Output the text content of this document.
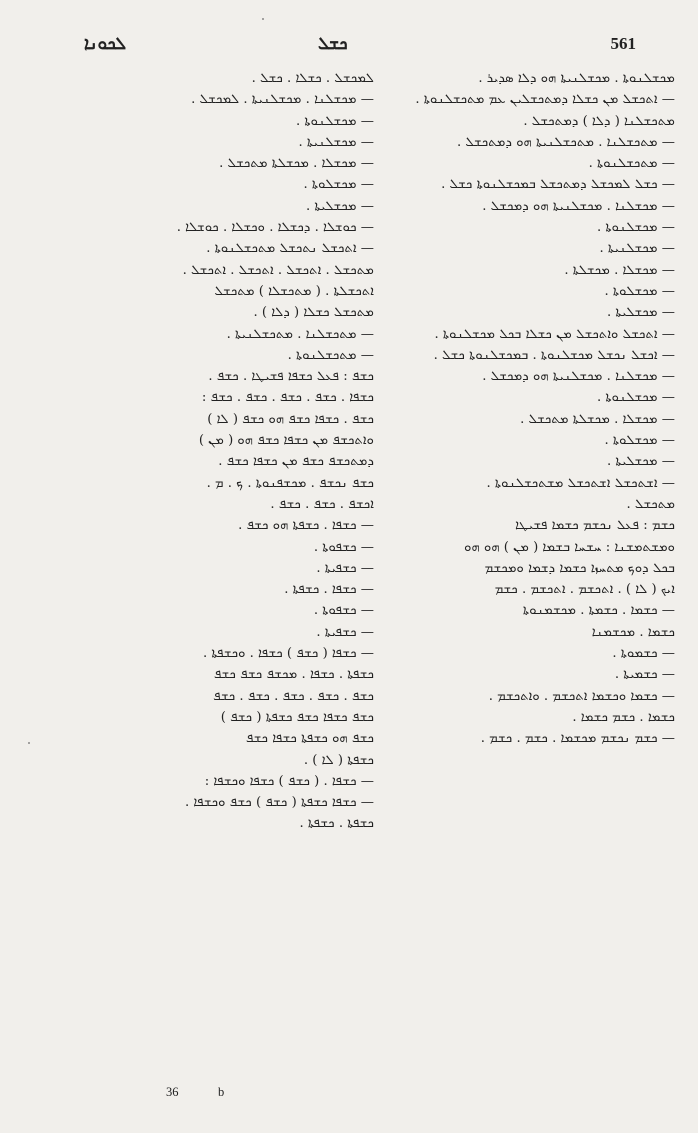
ܠܟܘܢܐ	ܟܫܠ	561

ܡܟܫܠܢܘܬܐ . ܡܟܫܠܢܝܬܐ ܗܘ ܕܠܐ ܣܕܝܪ .

— ܐܬܟܫܠ ܡܢ ܟܫܠܐ ܕܡܬܟܫܠܝܢ ܥܡ ܡܬܟܫܠܢܘܬܐ .

ܡܬܟܫܠܢܐ ( ܕܠܐ ) ܕܡܬܟܫܠ .

— ܡܬܟܫܠܢܐ . ܡܬܟܫܠܢܝܬܐ ܗܘ ܕܡܬܟܫܠ .

— ܡܬܟܫܠܢܘܬܐ .

— ܟܫܠ ܠܡܟܫܠ ܕܡܬܟܫܠ ܒܡܟܫܠܢܘܬܐ ܟܫܠ .

— ܡܟܫܠܢܐ . ܡܟܫܠܢܝܬܐ ܗܘ ܕܡܟܫܠ .

— ܡܟܫܠܢܘܬܐ .

— ܡܟܫܠܢܝܬܐ .

— ܡܟܫܠܐ . ܡܟܫܠܬܐ .

— ܡܟܫܠܘܬܐ .

— ܡܟܫܠܝܬܐ .

— ܐܬܟܫܠ ܘܐܬܟܫܠ ܡܢ ܟܫܠܐ ܒܟܠ ܡܟܫܠܢܘܬܐ .

— ܐܟܫܠ ܢܟܫܠ ܡܟܫܠܢܘܬܐ . ܒܡܟܫܠܢܘܬܐ ܟܫܠ .

— ܡܟܫܠܢܐ . ܡܟܫܠܢܝܬܐ ܗܘ ܕܡܟܫܠ .

— ܡܟܫܠܢܘܬܐ .

— ܡܟܫܠܐ . ܡܟܫܠܬܐ ܡܬܟܫܠ .

— ܡܟܫܠܘܬܐ .

— ܡܟܫܠܝܬܐ .

— ܐܫܬܟܫܠ ܐܫܬܟܫܠ ܡܫܬܟܫܠܢܘܬܐ .

ܡܬܟܫܠ .

ܟܫܡ : ܦܥܠ ܢܟܫܡ ܟܫܡܐ ܦܫܝܛܐ

ܘܡܫܬܡܫܢܐ : ܚܫܚܐ ܒܫܡܐ ( ܡܢ ) ܗܘ ܗܘ

ܒܟܠ ܕܘܟ ܡܬܚܙܐ ܟܫܡܐ ܕܫܡܐ ܘܡܟܫܡ

ܐܝܟ ( ܠܐ ) . ܐܬܟܫܡ . ܐܬܟܫܡ . ܟܫܡ

— ܟܫܡܐ . ܟܫܡܬܐ . ܡܟܫܡܢܘܬܐ

ܟܫܡܐ . ܡܟܫܡܢܐ

— ܟܫܡܘܬܐ .

— ܟܫܡܝܬܐ .

— ܟܫܡܐ ܘܟܫܡܐ ܐܬܟܫܡ . ܘܐܬܟܫܡ .

ܟܫܡܐ . ܟܫܡ ܟܫܡܐ .

— ܟܫܡ ܢܟܫܡ ܡܟܫܡܐ . ܟܫܡ . ܟܫܡ .

ܠܡܟܫܠ . ܟܫܠܐ . ܟܫܠ .

— ܡܟܫܠܢܐ . ܡܟܫܠܢܝܬܐ . ܠܡܟܫܠ .

— ܡܟܫܠܢܘܬܐ .

— ܡܟܫܠܢܝܬܐ .

— ܡܟܫܠܐ . ܡܟܫܠܬܐ ܡܬܟܫܠ .

— ܡܟܫܠܘܬܐ .

— ܡܟܫܠܝܬܐ .

— ܟܘܫܠܐ . ܕܟܫܠܐ . ܘܟܫܠܐ . ܟܘܫܠܐ .

— ܐܬܟܫܠ ܢܬܟܫܠ ܡܬܟܫܠܢܘܬܐ .

ܡܬܟܫܠ . ܐܬܟܫܠ . ܐܬܟܫܠ . ܐܬܟܫܠ .

ܐܬܟܫܠܬܐ . ( ܡܬܟܫܠܐ ) ܡܬܟܫܠ

ܡܬܟܫܠ ܟܫܠܐ ( ܕܠܐ ) .

— ܡܬܟܫܠܢܐ . ܡܬܟܫܠܢܝܬܐ .

— ܡܬܟܫܠܢܘܬܐ .

ܟܫܦ : ܦܥܠ ܟܫܦܐ ܦܫܝܛܐ . ܟܫܦ .

ܟܫܦܐ . ܟܫܦ . ܟܫܦ . ܟܫܦ . ܟܫܦ :

ܟܫܦ . ܟܫܦܐ ܟܫܦ ܗܘ ܟܫܦ ( ܠܐ )

ܘܐܬܟܫܦ ܡܢ ܟܫܦܐ ܟܫܦ ܗܘ ( ܡܢ )

ܕܡܬܟܫܦ ܟܫܦ ܡܢ ܟܫܦܐ ܟܫܦ .

ܟܫܦ ܢܟܫܦ . ܡܟܫܦܢܘܬܐ . ܟ . ܡ .

ܐܟܫܦ . ܟܫܦ . ܟܫܦ .

— ܟܫܦܐ . ܟܫܦܬܐ ܗܘ ܟܫܦ .

— ܟܫܦܘܬܐ .

— ܟܫܦܝܬܐ .

— ܟܫܦܐ . ܟܫܦܬܐ .

— ܟܫܦܘܬܐ .

— ܟܫܦܝܬܐ .

— ܟܫܦܐ ( ܟܫܦ ) ܟܫܦܐ . ܘܟܫܦܬܐ .

ܟܫܦܬܐ . ܟܫܦܐ . ܡܟܫܦ ܟܫܦ ܟܫܦ

ܟܫܦ . ܟܫܦ . ܟܫܦ . ܟܫܦ . ܟܫܦ

ܟܫܦ ܟܫܦܐ ܟܫܦ ܟܫܦܬܐ ( ܟܫܦ )

ܟܫܦ ܗܘ ܟܫܦܬܐ ܟܫܦܐ ܟܫܦ

ܟܫܦܬܐ ( ܠܐ ) .

— ܟܫܦܐ . ( ܟܫܦ ) ܟܫܦܐ ܘܟܫܦܐ :

— ܟܫܦܐ ܟܫܦܬܐ ( ܟܫܦ ) ܟܫܦ ܘܟܫܦܐ .

ܟܫܦܬܐ . ܟܫܦܬܐ .

36	b
